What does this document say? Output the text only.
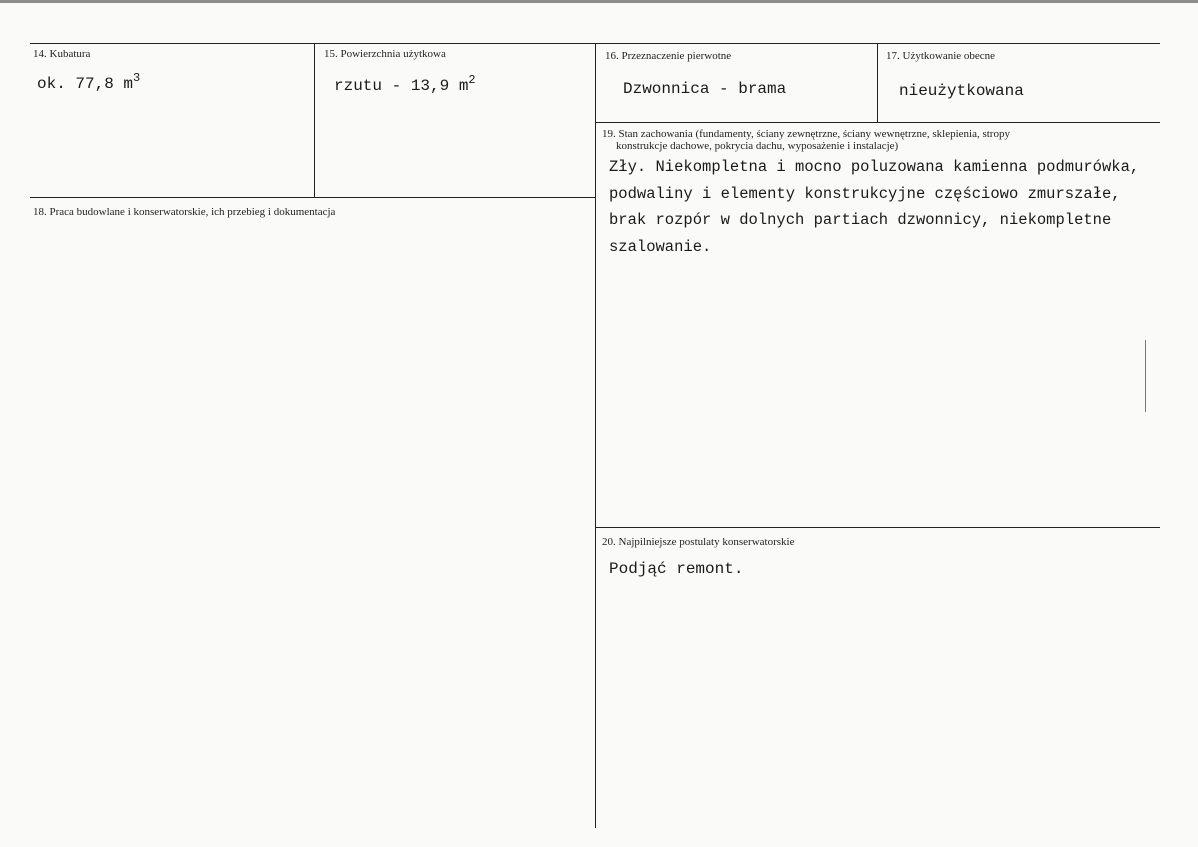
14. Kubatura
ok. 77,8 $m^3$
15. Powierzchnia użytkowa
rzutu - 13,9 $m^2$
16. Przeznaczenie pierwotne
Dzwonnica - brama
17. Użytkowanie obecne
nieużytkowana
19. Stan zachowania (fundamenty, ściany zewnętrzne, ściany wewnętrzne, sklepienia, stropy
konstrukcje dachowe, pokrycia dachu, wyposażenie i instalacje)
Zły. Niekompletna i mocno poluzowana kamienna podmurówka,
podwaliny i elementy konstrukcyjne częściowo zmurszałe,
brak rozpór w dolnych partiach dzwonnicy, niekompletne
szalowanie.
18. Praca budowlane i konserwatorskie, ich przebieg i dokumentacja
20. Najpilniejsze postulaty konserwatorskie
Podjąć remont.
